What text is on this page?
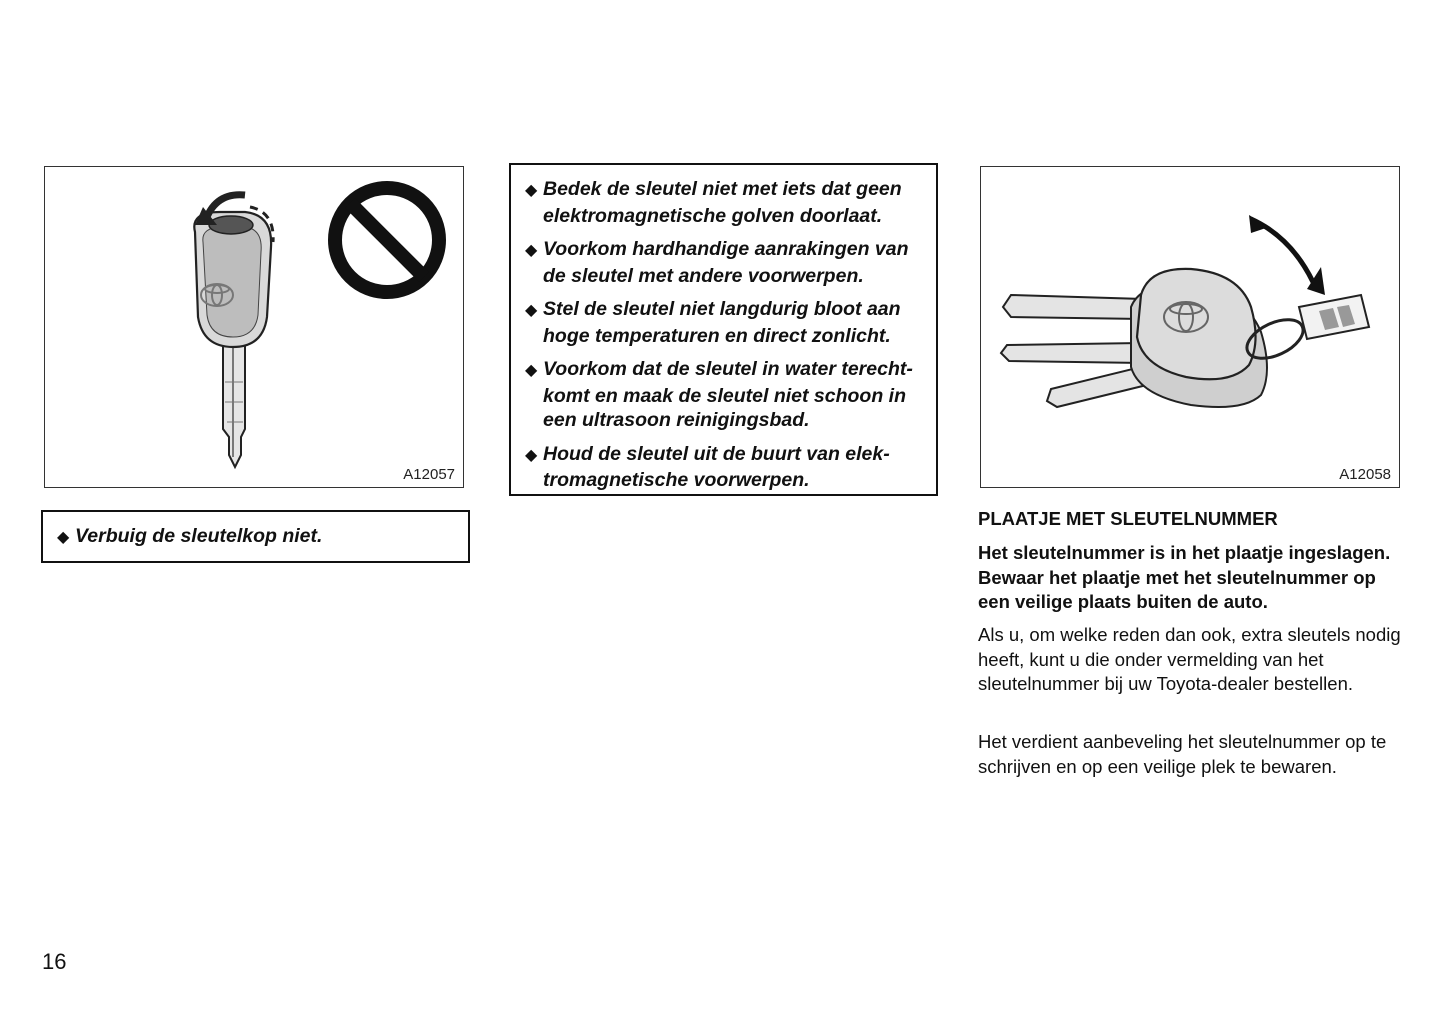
A12057
◆ Verbuig de sleutelkop niet.
◆ Bedek de sleutel niet met iets dat geen elektromagnetische golven doorlaat.
◆ Voorkom hardhandige aanrakingen van de sleutel met andere voorwerpen.
◆ Stel de sleutel niet langdurig bloot aan hoge temperaturen en direct zonlicht.
◆ Voorkom dat de sleutel in water terechtkomt en maak de sleutel niet schoon in een ultrasoon reinigingsbad.
◆ Houd de sleutel uit de buurt van elektromagnetische voorwerpen.	A12058
PLAATJE MET SLEUTELNUMMER
Het sleutelnummer is in het plaatje ingeslagen. Bewaar het plaatje met het sleutelnummer op een veilige plaats buiten de auto.
Als u, om welke reden dan ook, extra sleutels nodig heeft, kunt u die onder vermelding van het sleutelnummer bij uw Toyota-dealer bestellen.
Het verdient aanbeveling het sleutelnummer op te schrijven en op een veilige plek te bewaren.
16
